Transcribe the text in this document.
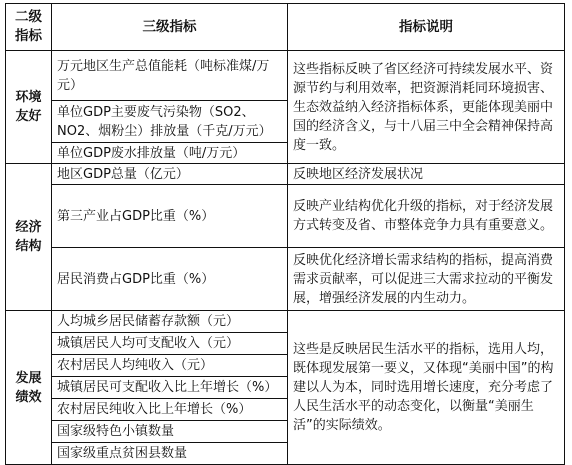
二级指标	三级指标	指标说明
环境友好	万元地区生产总值能耗（吨标准煤/万元）	这些指标反映了省区经济可持续发展水平、资源节约与利用效率，把资源消耗同环境损害、生态效益纳入经济指标体系，更能体现美丽中国的经济含义，与十八届三中全会精神保持高度一致。
	单位GDP主要废气污染物（SO2、NO2、烟粉尘）排放量（千克/万元）	
	单位GDP废水排放量（吨/万元）	
经济结构	地区GDP总量（亿元）	反映地区经济发展状况
	第三产业占GDP比重（%）	反映产业结构优化升级的指标，对于经济发展方式转变及省、市整体竞争力具有重要意义。
	居民消费占GDP比重（%）	反映优化经济增长需求结构的指标，提高消费需求贡献率，可以促进三大需求拉动的平衡发展，增强经济发展的内生动力。
发展绩效	人均城乡居民储蓄存款额（元）	这些是反映居民生活水平的指标，选用人均，既体现发展第一要义，又体现“美丽中国”的构建以人为本，同时选用增长速度，充分考虑了人民生活水平的动态变化，以衡量“美丽生活”的实际绩效。
	城镇居民人均可支配收入（元）	
	农村居民人均纯收入（元）	
	城镇居民可支配收入比上年增长（%）	
	农村居民纯收入比上年增长（%）	
	国家级特色小镇数量	
	国家级重点贫困县数量	
